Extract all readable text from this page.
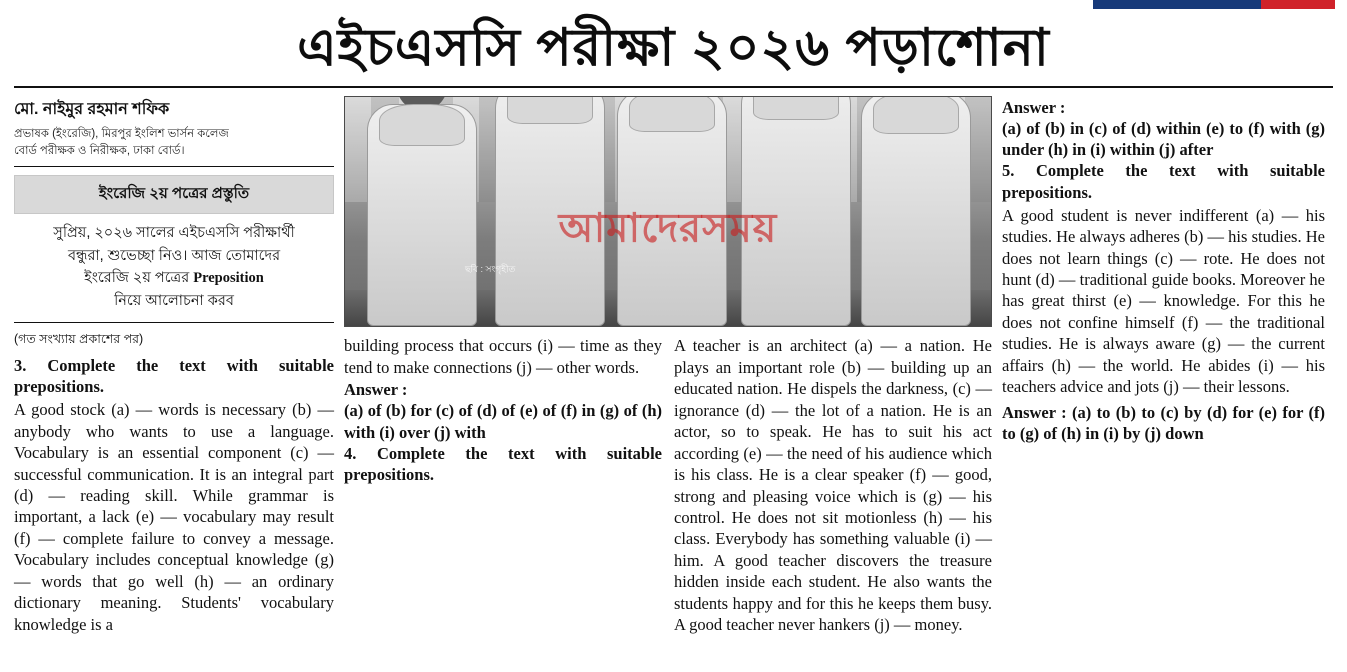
এইচএসসি পরীক্ষা ২০২৬ পড়াশোনা
মো. নাইমুর রহমান শফিক
প্রভাষক (ইংরেজি), মিরপুর ইংলিশ ভার্সন কলেজ
বোর্ড পরীক্ষক ও নিরীক্ষক, ঢাকা বোর্ড।
ইংরেজি ২য় পত্রের প্রস্তুতি
সুপ্রিয়, ২০২৬ সালের এইচএসসি পরীক্ষার্থী
বন্ধুরা, শুভেচ্ছা নিও। আজ তোমাদের
ইংরেজি ২য় পত্রের Preposition
নিয়ে আলোচনা করব
(গত সংখ্যায় প্রকাশের পর)
3. Complete the text with suitable prepositions.
A good stock (a) — words is necessary (b) — anybody who wants to use a language. Vocabulary is an essential component (c) — successful communication. It is an integral part (d) — reading skill. While grammar is important, a lack (e) — vocabulary may result (f) — complete failure to convey a message. Vocabulary includes conceptual knowledge (g) — words that go well (h) — an ordinary dictionary meaning. Students' vocabulary knowledge is a
ছবি : সংগৃহীত
আমাদেরসময়
building process that occurs (i) — time as they tend to make connections (j) — other words.
Answer :
(a) of (b) for (c) of (d) of (e) of (f) in (g) of (h) with (i) over (j) with
4. Complete the text with suitable prepositions.
A teacher is an architect (a) — a nation. He plays an important role (b) — building up an educated nation. He dispels the darkness, (c) — ignorance (d) — the lot of a nation. He is an actor, so to speak. He has to suit his act according (e) — the need of his audience which is his class. He is a clear speaker (f) — good, strong and pleasing voice which is (g) — his control. He does not sit motionless (h) — his class. Everybody has something valuable (i) — him. A good teacher discovers the treasure hidden inside each student. He also wants the students happy and for this he keeps them busy. A good teacher never hankers (j) — money.
Answer :
(a) of (b) in (c) of (d) within (e) to (f) with (g) under (h) in (i) within (j) after
5. Complete the text with suitable prepositions.
A good student is never indifferent (a) — his studies. He always adheres (b) — his studies. He does not learn things (c) — rote. He does not hunt (d) — traditional guide books. Moreover he has great thirst (e) — knowledge. For this he does not confine himself (f) — the traditional studies. He is always aware (g) — the current affairs (h) — the world. He abides (i) — his teachers advice and jots (j) — their lessons.
Answer : (a) to (b) to (c) by (d) for (e) for (f) to (g) of (h) in (i) by (j) down
